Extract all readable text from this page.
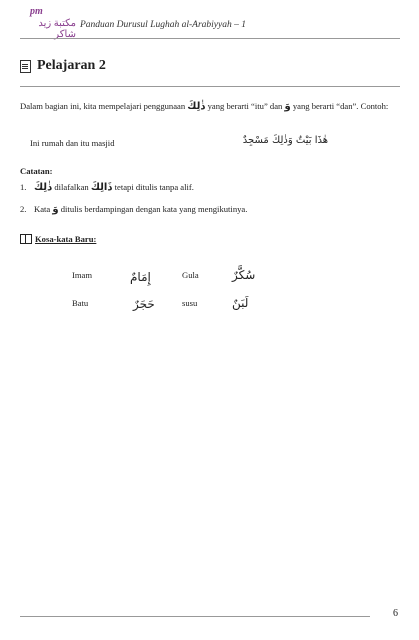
pm
مكتبة زيد شاكر
Panduan Durusul Lughah al-Arabiyyah – 1
Pelajaran 2
Dalam bagian ini, kita mempelajari penggunaan ذٰلِكَ yang berarti “itu” dan وَ yang berarti “dan”. Contoh:
Ini rumah dan itu masjid	هٰذَا بَيْتٌ وَذٰلِكَ مَسْجِدٌ
Catatan:
1. ذٰلِكَ dilafalkan ذَالِكَ tetapi ditulis tanpa alif.
2. Kata وَ ditulis berdampingan dengan kata yang mengikutinya.
Kosa-kata Baru:
Imam	إِمَامٌ	Gula	سُكَّرٌ
Batu	حَجَرٌ	susu	لَبَنٌ
6
